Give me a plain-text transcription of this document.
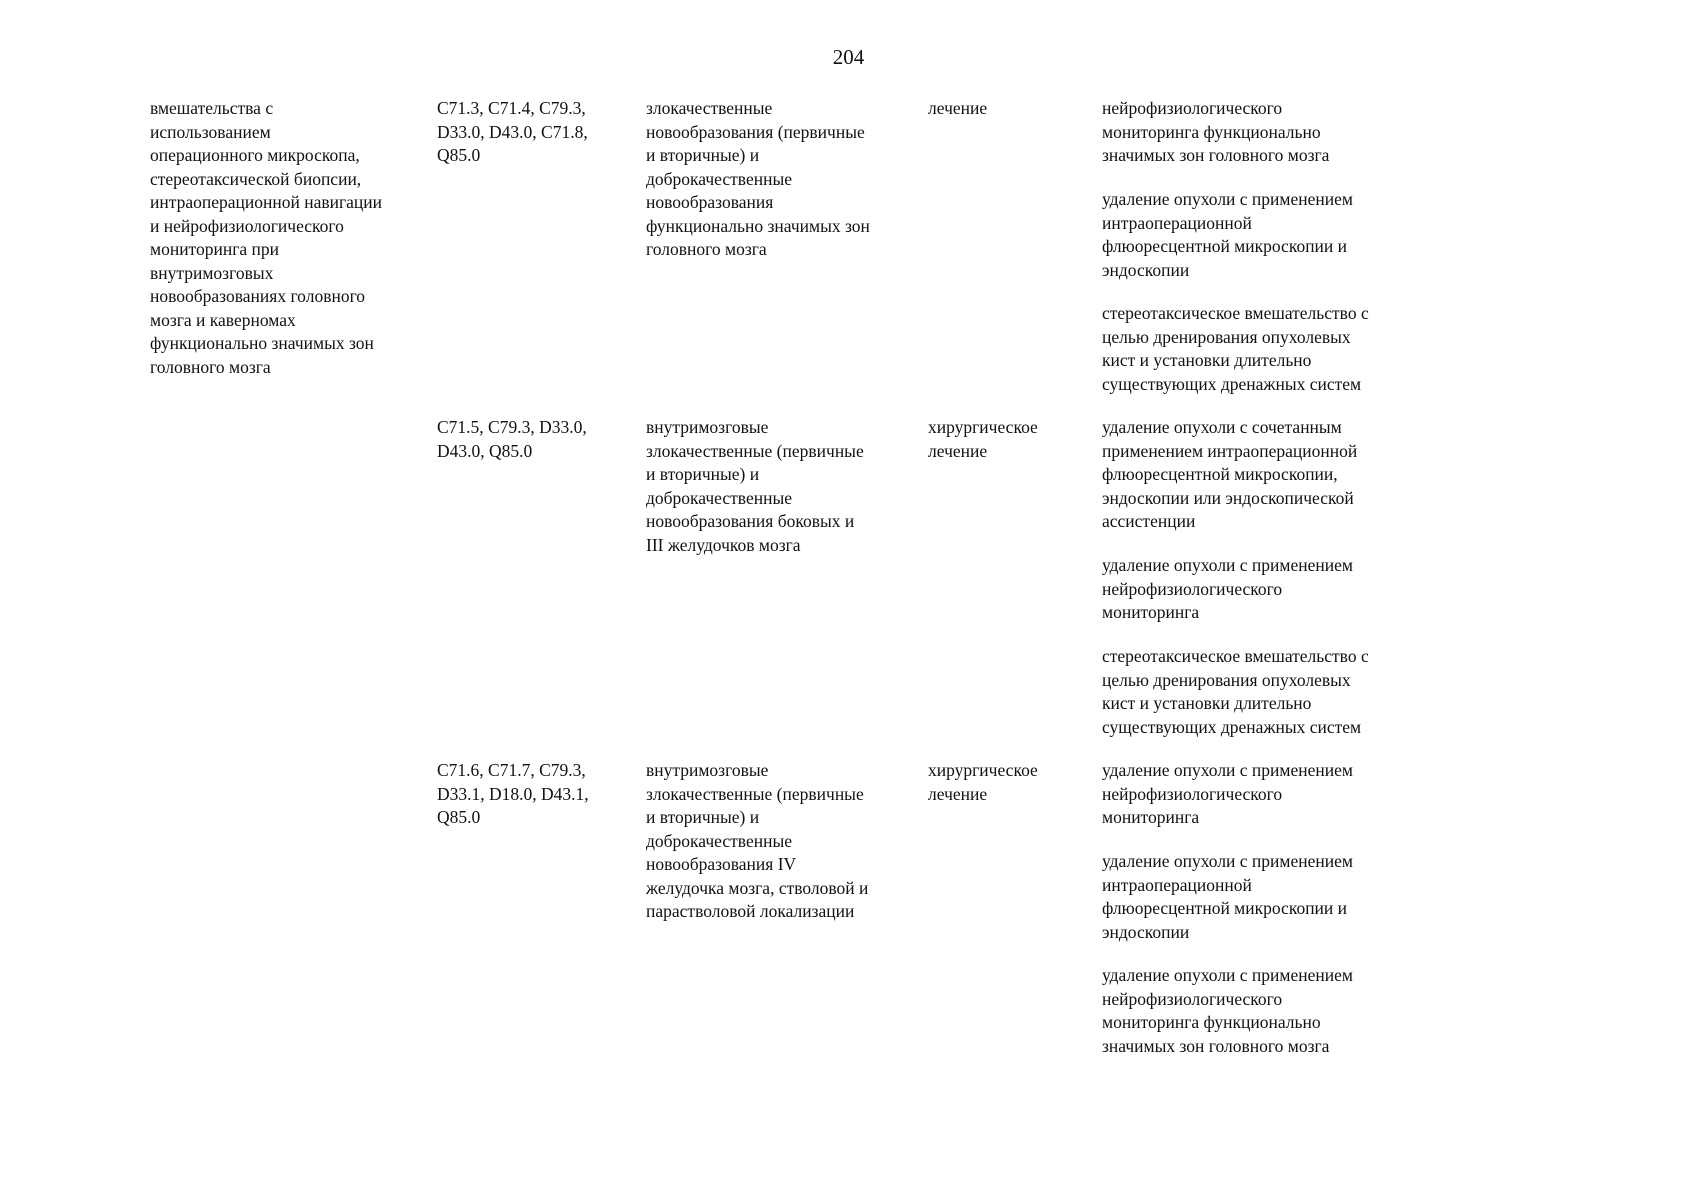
204

вмешательства с
использованием
операционного микроскопа,
стереотаксической биопсии,
интраоперационной навигации
и нейрофизиологического
мониторинга при
внутримозговых
новообразованиях головного
мозга и каверномах
функционально значимых зон
головного мозга

C71.3, C71.4, C79.3,
D33.0, D43.0, C71.8,
Q85.0

злокачественные
новообразования (первичные
и вторичные) и
доброкачественные
новообразования
функционально значимых зон
головного мозга

лечение	нейрофизиологического
мониторинга функционально
значимых зон головного мозга

удаление опухоли с применением
интраоперационной
флюоресцентной микроскопии и
эндоскопии

стереотаксическое вмешательство с
целью дренирования опухолевых
кист и установки длительно
существующих дренажных систем

C71.5, C79.3, D33.0,
D43.0, Q85.0

внутримозговые
злокачественные (первичные
и вторичные) и
доброкачественные
новообразования боковых и
III желудочков мозга

хирургическое
лечение

удаление опухоли с сочетанным
применением интраоперационной
флюоресцентной микроскопии,
эндоскопии или эндоскопической
ассистенции

удаление опухоли с применением
нейрофизиологического
мониторинга

стереотаксическое вмешательство с
целью дренирования опухолевых
кист и установки длительно
существующих дренажных систем

C71.6, C71.7, C79.3,
D33.1, D18.0, D43.1,
Q85.0

внутримозговые
злокачественные (первичные
и вторичные) и
доброкачественные
новообразования IV
желудочка мозга, стволовой и
парастволовой локализации

хирургическое
лечение

удаление опухоли с применением
нейрофизиологического
мониторинга

удаление опухоли с применением
интраоперационной
флюоресцентной микроскопии и
эндоскопии

удаление опухоли с применением
нейрофизиологического
мониторинга функционально
значимых зон головного мозга
